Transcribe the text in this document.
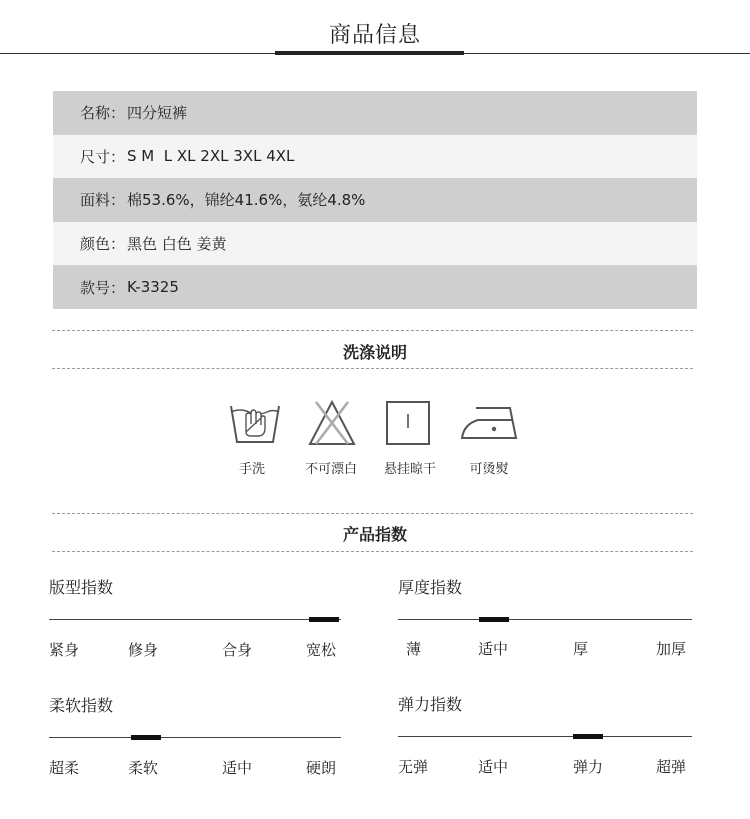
商品信息
名称： 四分短裤
尺寸： S M  L XL 2XL 3XL 4XL
面料： 棉53.6%，锦纶41.6%，氨纶4.8%
颜色： 黑色 白色 姜黄
款号： K-3325
洗涤说明
手洗	不可漂白	悬挂晾干	可烫熨
产品指数
版型指数
紧身	修身	合身	宽松
厚度指数
薄	适中	厚	加厚
柔软指数
超柔	柔软	适中	硬朗
弹力指数
无弹	适中	弹力	超弹
